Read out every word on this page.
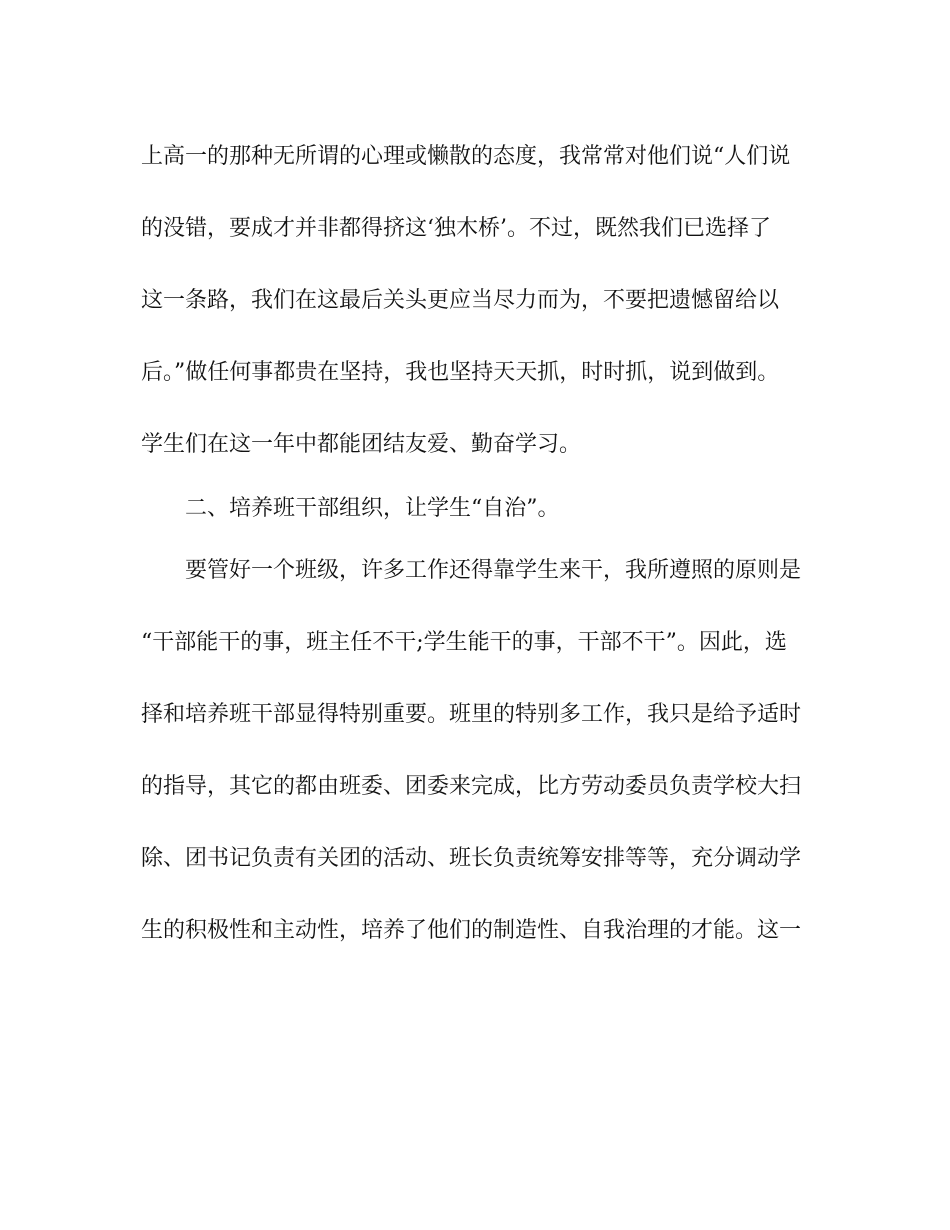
上高一的那种无所谓的心理或懒散的态度，我常常对他们说“人们说
的没错，要成才并非都得挤这‘独木桥’。不过，既然我们已选择了
这一条路，我们在这最后关头更应当尽力而为，不要把遗憾留给以
后。”做任何事都贵在坚持，我也坚持天天抓，时时抓，说到做到。
学生们在这一年中都能团结友爱、勤奋学习。
二、培养班干部组织，让学生“自治”。
要管好一个班级，许多工作还得靠学生来干，我所遵照的原则是
“干部能干的事，班主任不干;学生能干的事，干部不干”。因此，选
择和培养班干部显得特别重要。班里的特别多工作，我只是给予适时
的指导，其它的都由班委、团委来完成，比方劳动委员负责学校大扫
除、团书记负责有关团的活动、班长负责统筹安排等等，充分调动学
生的积极性和主动性，培养了他们的制造性、自我治理的才能。这一
